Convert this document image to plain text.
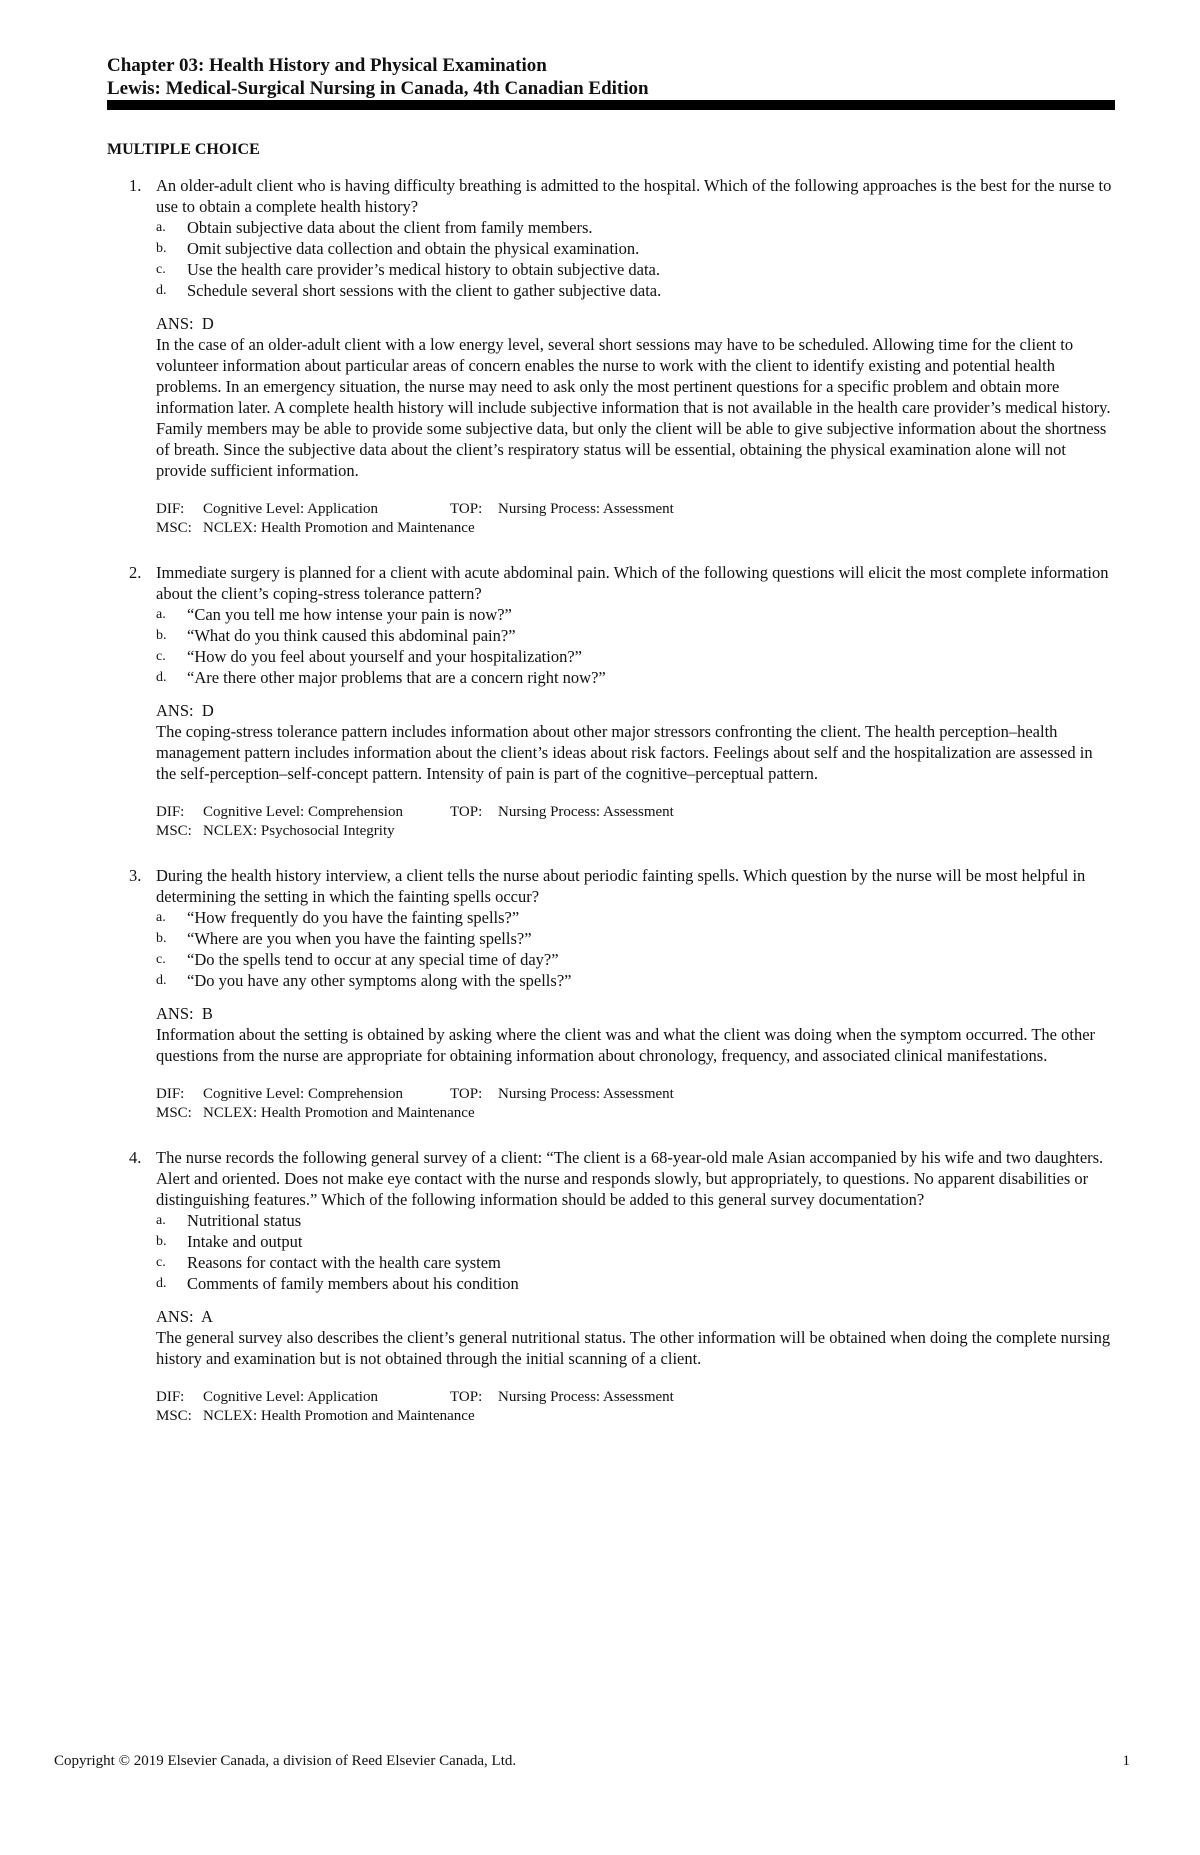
Chapter 03: Health History and Physical Examination
Lewis: Medical-Surgical Nursing in Canada, 4th Canadian Edition
MULTIPLE CHOICE
1. An older-adult client who is having difficulty breathing is admitted to the hospital. Which of the following approaches is the best for the nurse to use to obtain a complete health history?

a. Obtain subjective data about the client from family members.
b. Omit subjective data collection and obtain the physical examination.
c. Use the health care provider’s medical history to obtain subjective data.
d. Schedule several short sessions with the client to gather subjective data.

ANS: D

In the case of an older-adult client with a low energy level, several short sessions may have to be scheduled. Allowing time for the client to volunteer information about particular areas of concern enables the nurse to work with the client to identify existing and potential health problems. In an emergency situation, the nurse may need to ask only the most pertinent questions for a specific problem and obtain more information later. A complete health history will include subjective information that is not available in the health care provider’s medical history. Family members may be able to provide some subjective data, but only the client will be able to give subjective information about the shortness of breath. Since the subjective data about the client’s respiratory status will be essential, obtaining the physical examination alone will not provide sufficient information.

DIF: Cognitive Level: Application	TOP: Nursing Process: Assessment
MSC: NCLEX: Health Promotion and Maintenance
2. Immediate surgery is planned for a client with acute abdominal pain. Which of the following questions will elicit the most complete information about the client’s coping-stress tolerance pattern?

a. “Can you tell me how intense your pain is now?”
b. “What do you think caused this abdominal pain?”
c. “How do you feel about yourself and your hospitalization?”
d. “Are there other major problems that are a concern right now?”

ANS: D

The coping-stress tolerance pattern includes information about other major stressors confronting the client. The health perception–health management pattern includes information about the client’s ideas about risk factors. Feelings about self and the hospitalization are assessed in the self-perception–self-concept pattern. Intensity of pain is part of the cognitive–perceptual pattern.

DIF: Cognitive Level: Comprehension	TOP: Nursing Process: Assessment
MSC: NCLEX: Psychosocial Integrity
3. During the health history interview, a client tells the nurse about periodic fainting spells. Which question by the nurse will be most helpful in determining the setting in which the fainting spells occur?

a. “How frequently do you have the fainting spells?”
b. “Where are you when you have the fainting spells?”
c. “Do the spells tend to occur at any special time of day?”
d. “Do you have any other symptoms along with the spells?”

ANS: B

Information about the setting is obtained by asking where the client was and what the client was doing when the symptom occurred. The other questions from the nurse are appropriate for obtaining information about chronology, frequency, and associated clinical manifestations.

DIF: Cognitive Level: Comprehension	TOP: Nursing Process: Assessment
MSC: NCLEX: Health Promotion and Maintenance
4. The nurse records the following general survey of a client: “The client is a 68-year-old male Asian accompanied by his wife and two daughters. Alert and oriented. Does not make eye contact with the nurse and responds slowly, but appropriately, to questions. No apparent disabilities or distinguishing features.” Which of the following information should be added to this general survey documentation?

a. Nutritional status
b. Intake and output
c. Reasons for contact with the health care system
d. Comments of family members about his condition

ANS: A

The general survey also describes the client’s general nutritional status. The other information will be obtained when doing the complete nursing history and examination but is not obtained through the initial scanning of a client.

DIF: Cognitive Level: Application	TOP: Nursing Process: Assessment
MSC: NCLEX: Health Promotion and Maintenance
Copyright © 2019 Elsevier Canada, a division of Reed Elsevier Canada, Ltd.	1
